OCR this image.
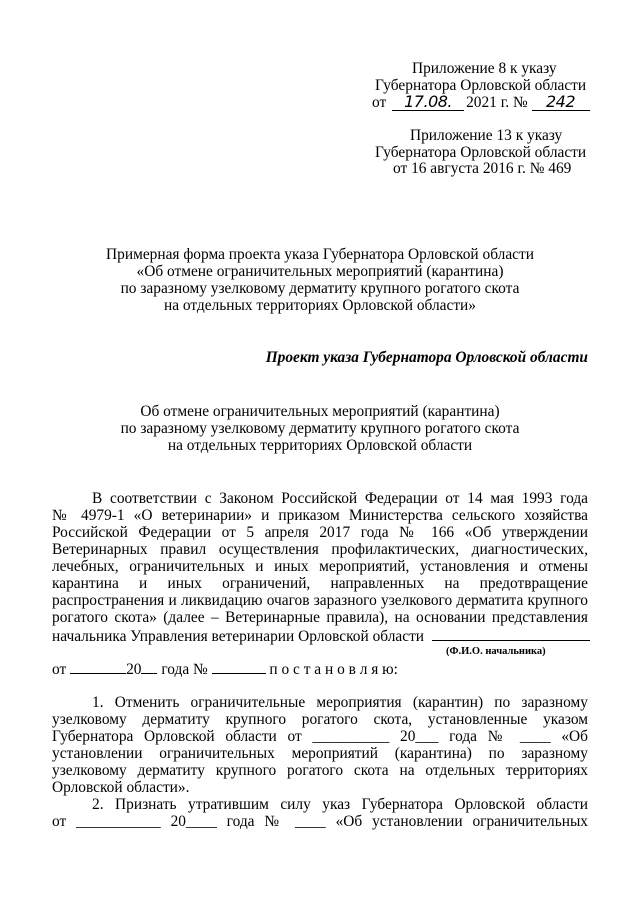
Приложение 8 к указу
Губернатора Орловской области
от 17.08. 2021 г. № 242
Приложение 13 к указу
Губернатора Орловской области
от 16 августа 2016 г. № 469
Примерная форма проекта указа Губернатора Орловской области
«Об отмене ограничительных мероприятий (карантина)
по заразному узелковому дерматиту крупного рогатого скота
на отдельных территориях Орловской области»
Проект указа Губернатора Орловской области
Об отмене ограничительных мероприятий (карантина)
по заразному узелковому дерматиту крупного рогатого скота
на отдельных территориях Орловской области
В соответствии с Законом Российской Федерации от 14 мая 1993 года
№ 4979-1 «О ветеринарии» и приказом Министерства сельского хозяйства
Российской Федерации от 5 апреля 2017 года № 166 «Об утверждении
Ветеринарных правил осуществления профилактических, диагностических,
лечебных, ограничительных и иных мероприятий, установления и отмены
карантина и иных ограничений, направленных на предотвращение
распространения и ликвидацию очагов заразного узелкового дерматита крупного
рогатого скота» (далее – Ветеринарные правила), на основании представления
начальника Управления ветеринарии Орловской области
(Ф.И.О. начальника)
от	20 года №	п о с т а н о в л я ю:
1. Отменить ограничительные мероприятия (карантин) по заразному
узелковому дерматиту крупного рогатого скота, установленные указом
Губернатора Орловской области от __________ 20___ года № ____ «Об
установлении ограничительных мероприятий (карантина) по заразному
узелковому дерматиту крупного рогатого скота на отдельных территориях
Орловской области».
2. Признать утратившим силу указ Губернатора Орловской области
от ___________ 20____ года № ____ «Об установлении ограничительных
